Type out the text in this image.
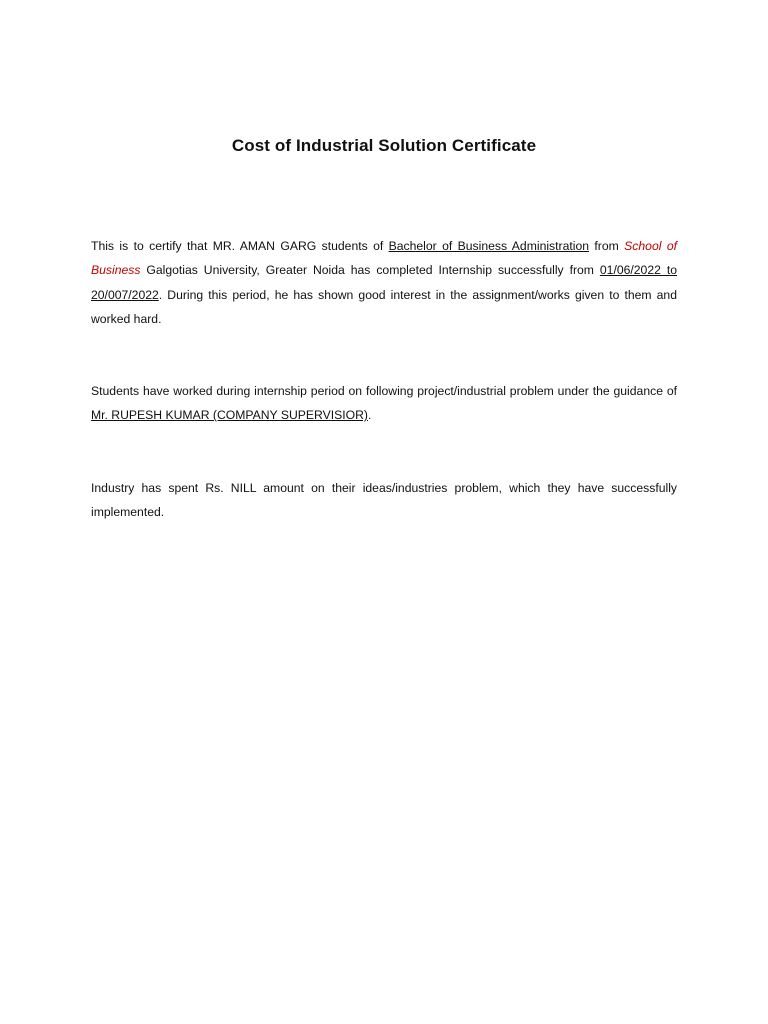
Cost of Industrial Solution Certificate
This is to certify that MR. AMAN GARG students of Bachelor of Business Administration from School of Business Galgotias University, Greater Noida has completed Internship successfully from 01/06/2022 to 20/007/2022. During this period, he has shown good interest in the assignment/works given to them and worked hard.
Students have worked during internship period on following project/industrial problem under the guidance of Mr. RUPESH KUMAR (COMPANY SUPERVISIOR).
Industry has spent Rs. NILL amount on their ideas/industries problem, which they have successfully implemented.
